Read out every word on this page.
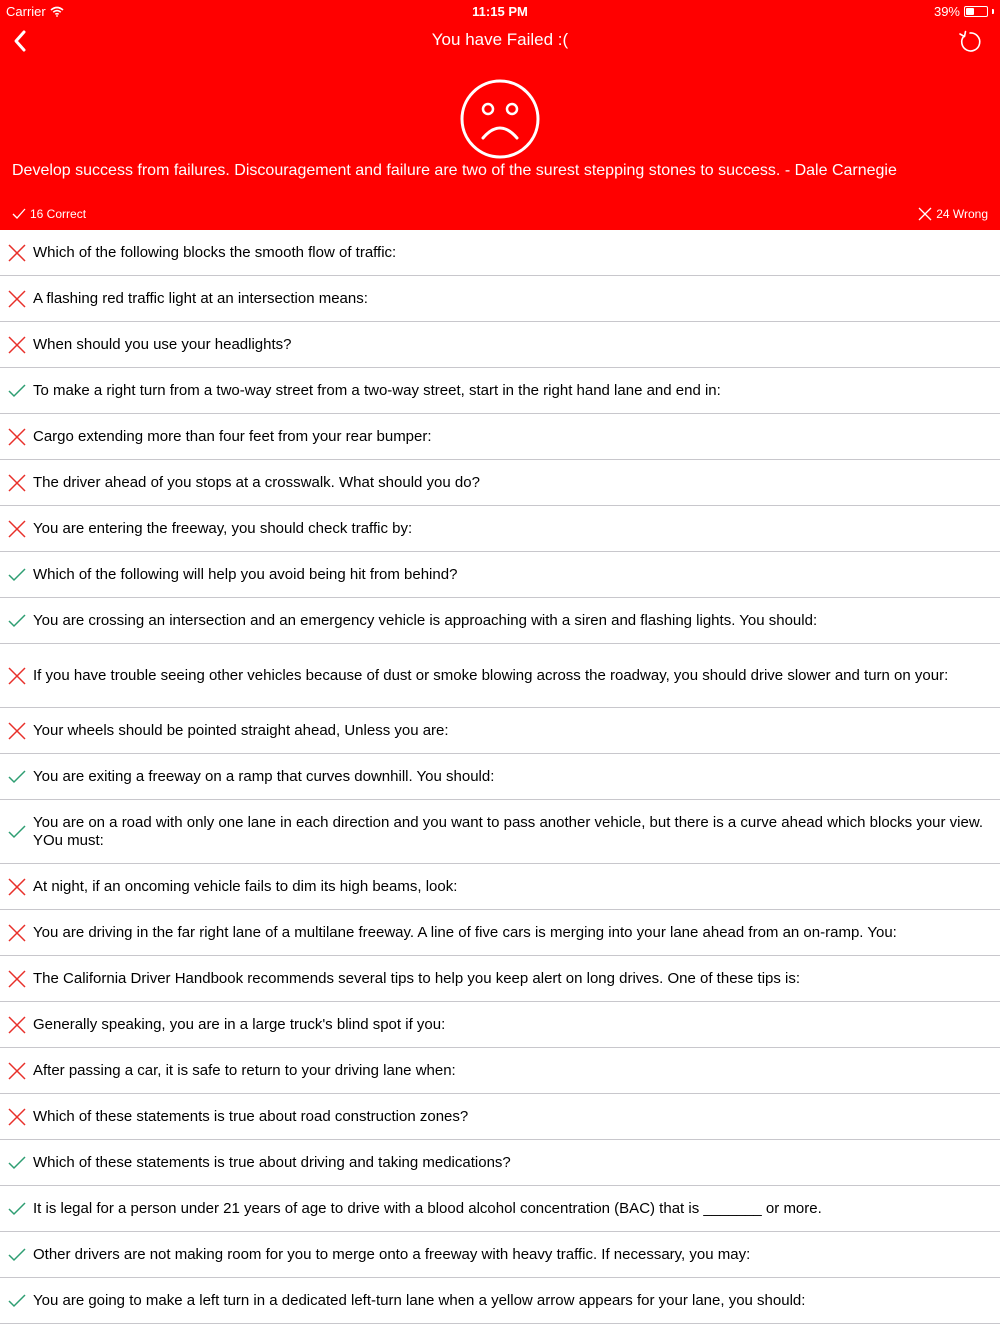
Carrier	11:15 PM	39%
You have Failed :(
Develop success from failures. Discouragement and failure are two of the surest stepping stones to success. - Dale Carnegie
16 Correct	24 Wrong
Which of the following blocks the smooth flow of traffic:
A flashing red traffic light at an intersection means:
When should you use your headlights?
To make a right turn from a two-way street from a two-way street, start in the right hand lane and end in:
Cargo extending more than four feet from your rear bumper:
The driver ahead of you stops at a crosswalk. What should you do?
You are entering the freeway, you should check traffic by:
Which of the following will help you avoid being hit from behind?
You are crossing an intersection and an emergency vehicle is approaching with a siren and flashing lights. You should:
If you have trouble seeing other vehicles because of dust or smoke blowing across the roadway, you should drive slower and turn on your:
Your wheels should be pointed straight ahead, Unless you are:
You are exiting a freeway on a ramp that curves downhill. You should:
You are on a road with only one lane in each direction and you want to pass another vehicle, but there is a curve ahead which blocks your view. YOu must:
At night, if an oncoming vehicle fails to dim its high beams, look:
You are driving in the far right lane of a multilane freeway. A line of five cars is merging into your lane ahead from an on-ramp. You:
The California Driver Handbook recommends several tips to help you keep alert on long drives. One of these tips is:
Generally speaking, you are in a large truck's blind spot if you:
After passing a car, it is safe to return to your driving lane when:
Which of these statements is true about road construction zones?
Which of these statements is true about driving and taking medications?
It is legal for a person under 21 years of age to drive with a blood alcohol concentration (BAC) that is _______ or more.
Other drivers are not making room for you to merge onto a freeway with heavy traffic. If necessary, you may:
You are going to make a left turn in a dedicated left-turn lane when a yellow arrow appears for your lane, you should:
